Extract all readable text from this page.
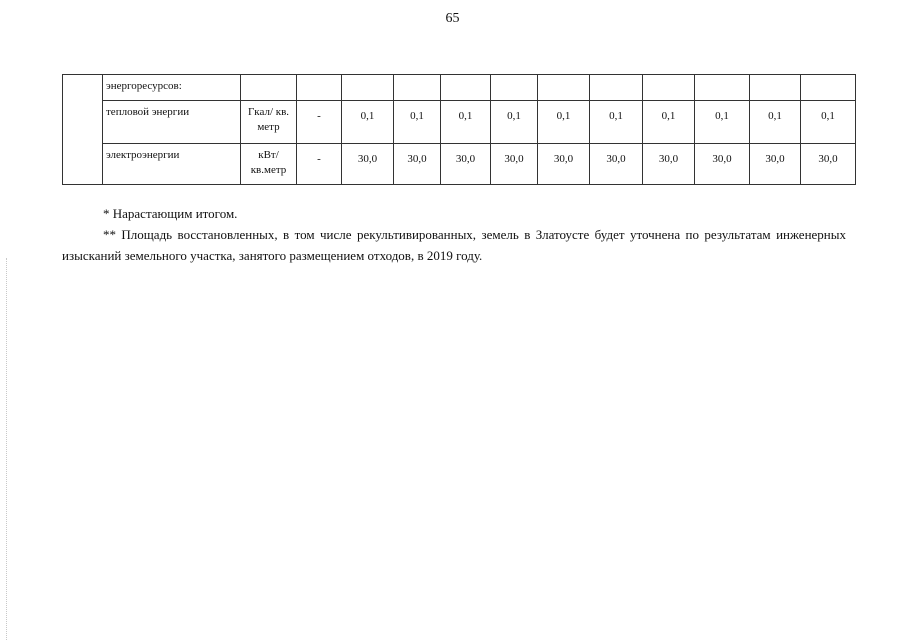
65
	энергоресурсов:												
	тепловой энергии	Гкал/ кв. метр	-	0,1	0,1	0,1	0,1	0,1	0,1	0,1	0,1	0,1	0,1
	электроэнергии	кВт/ кв.метр	-	30,0	30,0	30,0	30,0	30,0	30,0	30,0	30,0	30,0	30,0

* Нарастающим итогом.

** Площадь восстановленных, в том числе рекультивированных, земель в Златоусте будет уточнена по результатам инженерных изысканий земельного участка, занятого размещением отходов, в 2019 году.
